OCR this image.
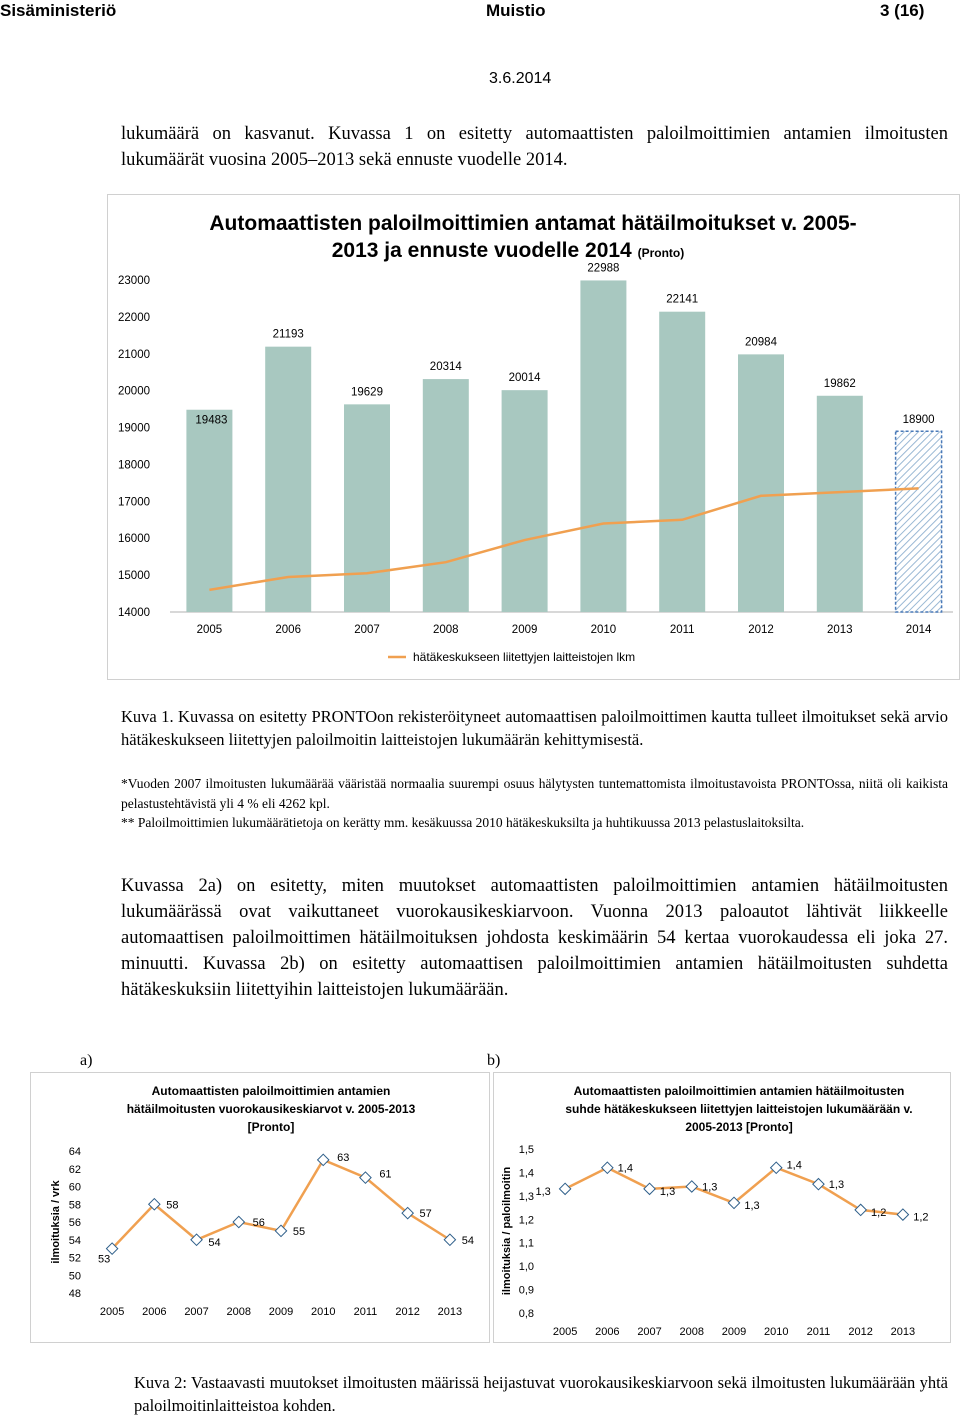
Sisäministeriö	Muistio	3 (16)
3.6.2014

lukumäärä on kasvanut. Kuvassa 1 on esitetty automaattisten paloilmoittimien antamien ilmoitusten lukumäärät vuosina 2005–2013 sekä ennuste vuodelle 2014.

Automaattisten paloilmoittimien antamat hätäilmoitukset v. 2005-
2013 ja ennuste vuodelle 2014 (Pronto)
14000
15000
16000
17000
18000
19000
20000
21000
22000
23000
19483
2005
21193
2006
19629
2007
20314
2008
20014
2009
22988
2010
22141
2011
20984
2012
19862
2013
18900
2014
hätäkeskukseen liitettyjen laitteistojen lkm

Kuva 1. Kuvassa on esitetty PRONTOon rekisteröityneet automaattisen paloilmoittimen kautta tulleet ilmoitukset sekä arvio hätäkeskukseen liitettyjen paloilmoitin laitteistojen lukumäärän kehittymisestä.

*Vuoden 2007 ilmoitusten lukumäärää vääristää normaalia suurempi osuus hälytysten tuntemattomista ilmoitustavoista PRONTOssa, niitä oli kaikista pelastustehtävistä yli 4 % eli 4262 kpl.

** Paloilmoittimien lukumäärätietoja on kerätty mm. kesäkuussa 2010 hätäkeskuksilta ja huhtikuussa 2013 pelastuslaitoksilta.

Kuvassa 2a) on esitetty, miten muutokset automaattisten paloilmoittimien antamien hätäilmoitusten lukumäärässä ovat vaikuttaneet vuorokausikeskiarvoon. Vuonna 2013 paloautot lähtivät liikkeelle automaattisen paloilmoittimen hätäilmoituksen johdosta keskimäärin 54 kertaa vuorokaudessa eli joka 27. minuutti. Kuvassa 2b) on esitetty automaattisen paloilmoittimien antamien hätäilmoitusten suhdetta hätäkeskuksiin liitettyihin laitteistojen lukumäärään.

a)	b)
Automaattisten paloilmoittimien antamien
hätäilmoitusten vuorokausikeskiarvot v. 2005-2013
[Pronto]
ilmoituksia / vrk
48
50
52
54
56
58
60
62
64
2005 2006 2007 2008 2009 2010 2011 2012 2013
53
58
54
56
55
63
61
57
54
Automaattisten paloilmoittimien antamien hätäilmoitusten
suhde hätäkeskukseen liitettyjen laitteistojen lukumäärään v.
2005-2013 [Pronto]
ilmoituksia / paloilmoitin
0,8
0,9
1,0
1,1
1,2
1,3
1,4
1,5
2005 2006 2007 2008 2009 2010 2011 2012 2013
1,3
1,4
1,3 1,3
1,3
1,4
1,3
1,2 1,2

Kuva 2: Vastaavasti muutokset ilmoitusten määrissä heijastuvat vuorokausikeskiarvoon sekä ilmoitusten lukumäärään yhtä paloilmoitinlaitteistoa kohden.
